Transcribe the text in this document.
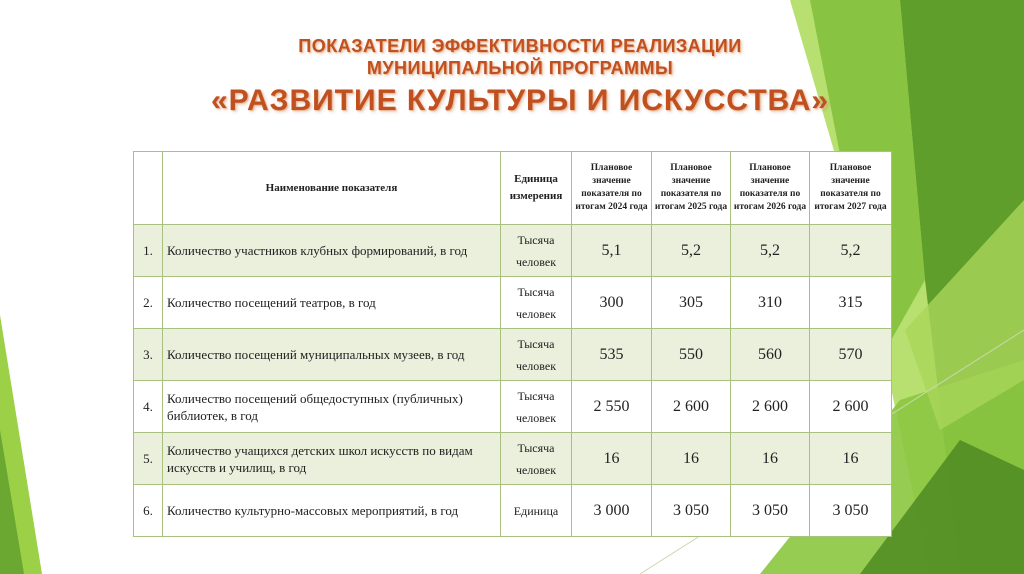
ПОКАЗАТЕЛИ ЭФФЕКТИВНОСТИ РЕАЛИЗАЦИИ
МУНИЦИПАЛЬНОЙ ПРОГРАММЫ
«РАЗВИТИЕ КУЛЬТУРЫ И ИСКУССТВА»
	Наименование показателя	Единица измерения	Плановое значение показателя по итогам 2024 года	Плановое значение показателя по итогам 2025 года	Плановое значение показателя по итогам 2026 года	Плановое значение показателя по итогам 2027 года
1.	Количество участников клубных формирований, в год	Тысяча человек	5,1	5,2	5,2	5,2
2.	Количество посещений театров, в год	Тысяча человек	300	305	310	315
3.	Количество посещений муниципальных музеев, в год	Тысяча человек	535	550	560	570
4.	Количество посещений общедоступных (публичных) библиотек, в год	Тысяча человек	2 550	2 600	2 600	2 600
5.	Количество учащихся детских школ искусств по видам искусств и училищ, в год	Тысяча человек	16	16	16	16
6.	Количество культурно-массовых мероприятий, в год	Единица	3 000	3 050	3 050	3 050
